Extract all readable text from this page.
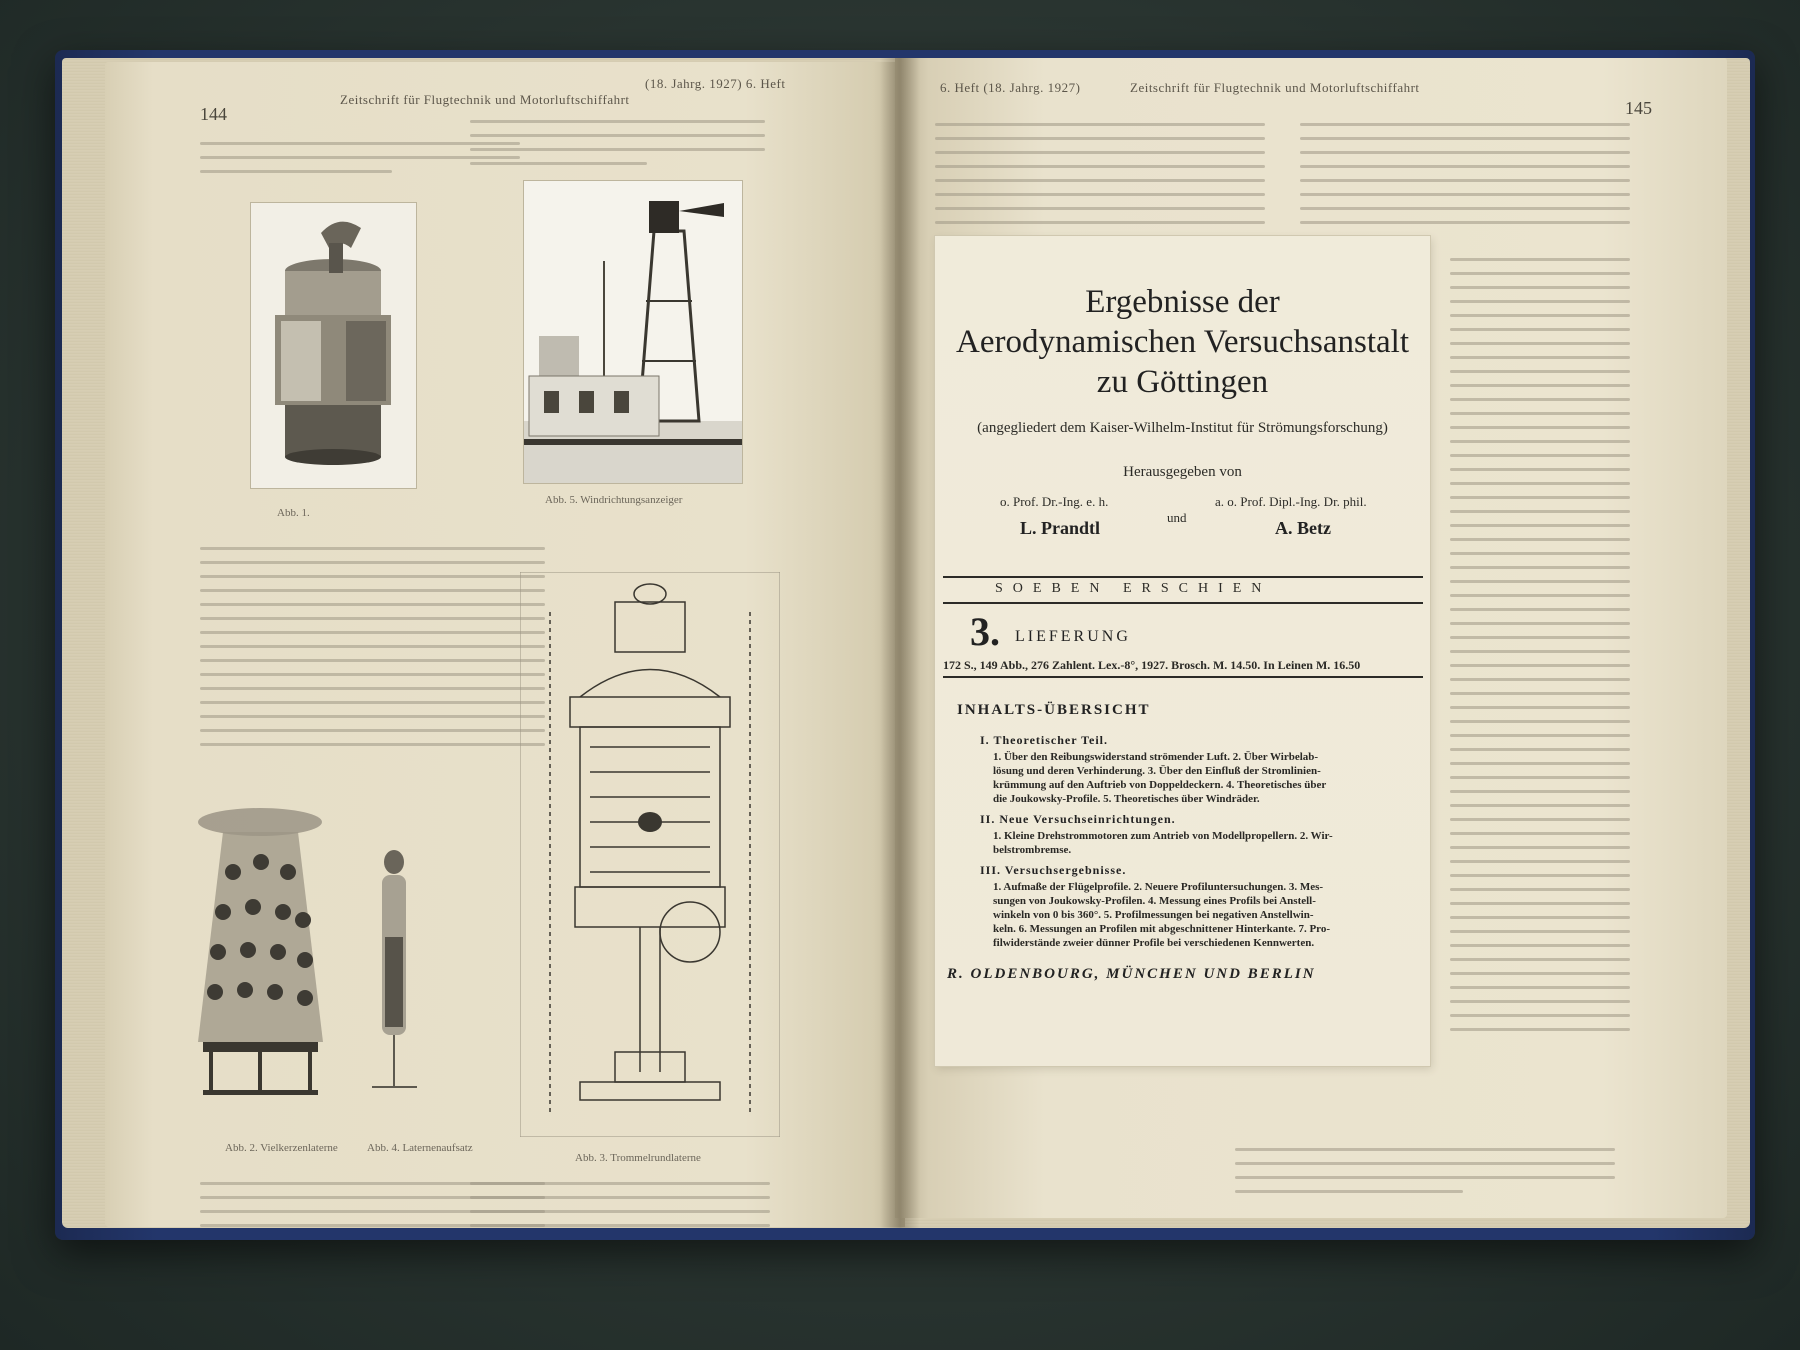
144
Zeitschrift für Flugtechnik und Motorluftschiffahrt
(18. Jahrg. 1927) 6. Heft
Abb. 1.
Abb. 5. Windrichtungsanzeiger
Abb. 2. Vielkerzenlaterne	Abb. 4. Laternenaufsatz
Abb. 3. Trommelrundlaterne
6. Heft (18. Jahrg. 1927)	Zeitschrift für Flugtechnik und Motorluftschiffahrt
145
Ergebnisse der
Aerodynamischen Versuchsanstalt
zu Göttingen
(angegliedert dem Kaiser-Wilhelm-Institut für Strömungsforschung)
Herausgegeben von
o. Prof. Dr.-Ing. e. h.
L. Prandtl
und
a. o. Prof. Dipl.-Ing. Dr. phil.
A. Betz
SOEBEN ERSCHIEN
3. LIEFERUNG
172 S., 149 Abb., 276 Zahlent. Lex.-8°, 1927. Brosch. M. 14.50. In Leinen M. 16.50
INHALTS-ÜBERSICHT
I. Theoretischer Teil.
1. Über den Reibungswiderstand strömender Luft. 2. Über Wirbelab-
lösung und deren Verhinderung. 3. Über den Einfluß der Stromlinien-
krümmung auf den Auftrieb von Doppeldeckern. 4. Theoretisches über
die Joukowsky-Profile. 5. Theoretisches über Windräder.
II. Neue Versuchseinrichtungen.
1. Kleine Drehstrommotoren zum Antrieb von Modellpropellern. 2. Wir-
belstrombremse.
III. Versuchsergebnisse.
1. Aufmaße der Flügelprofile. 2. Neuere Profiluntersuchungen. 3. Mes-
sungen von Joukowsky-Profilen. 4. Messung eines Profils bei Anstell-
winkeln von 0 bis 360°. 5. Profilmessungen bei negativen Anstellwin-
keln. 6. Messungen an Profilen mit abgeschnittener Hinterkante. 7. Pro-
filwiderstände zweier dünner Profile bei verschiedenen Kennwerten.
R. OLDENBOURG, MÜNCHEN UND BERLIN
